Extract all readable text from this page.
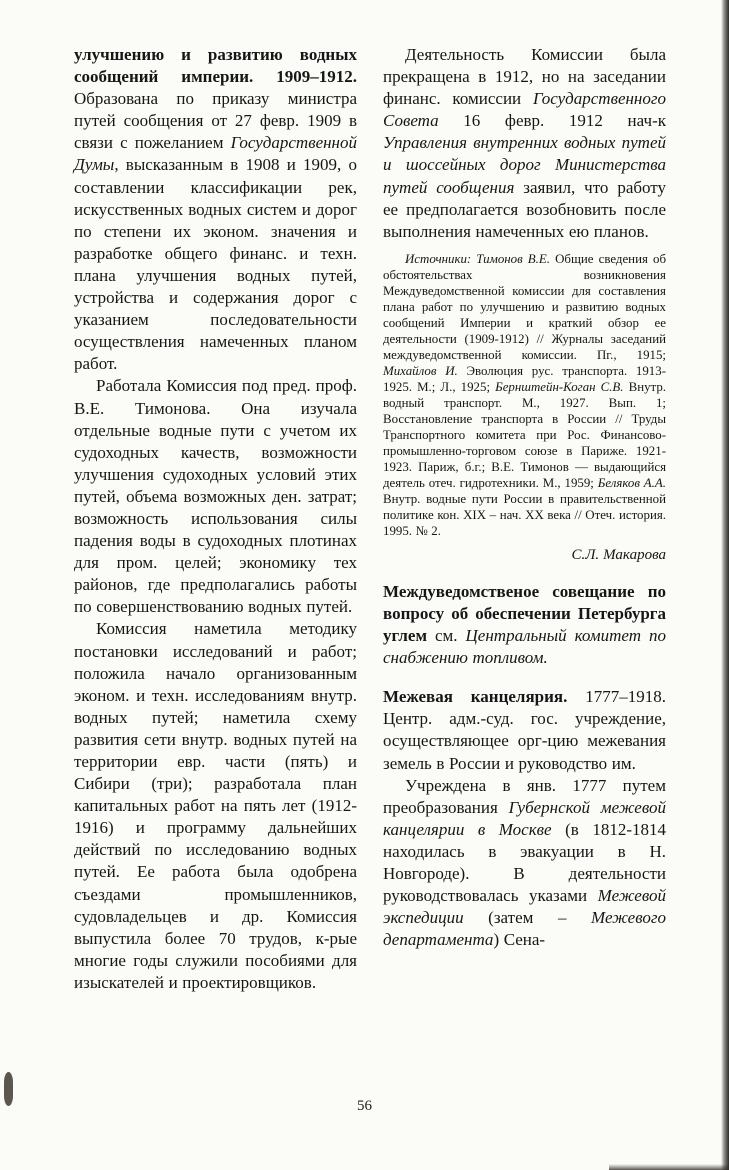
улучшению и развитию водных сообщений империи. 1909–1912. Образована по приказу министра путей сообщения от 27 февр. 1909 в связи с пожеланием Государственной Думы, высказанным в 1908 и 1909, о составлении классификации рек, искусственных водных систем и дорог по степени их эконом. значения и разработке общего финанс. и техн. плана улучшения водных путей, устройства и содержания дорог с указанием последовательности осуществления намеченных планом работ.

Работала Комиссия под пред. проф. В.Е. Тимонова. Она изучала отдельные водные пути с учетом их судоходных качеств, возможности улучшения судоходных условий этих путей, объема возможных ден. затрат; возможность использования силы падения воды в судоходных плотинах для пром. целей; экономику тех районов, где предполагались работы по совершенствованию водных путей.

Комиссия наметила методику постановки исследований и работ; положила начало организованным эконом. и техн. исследованиям внутр. водных путей; наметила схему развития сети внутр. водных путей на территории евр. части (пять) и Сибири (три); разработала план капитальных работ на пять лет (1912-1916) и программу дальнейших действий по исследованию водных путей. Ее работа была одобрена съездами промышленников, судовладельцев и др. Комиссия выпустила более 70 трудов, к-рые многие годы служили пособиями для изыскателей и проектировщиков.

Деятельность Комиссии была прекращена в 1912, но на заседании финанс. комиссии Государственного Совета 16 февр. 1912 нач-к Управления внутренних водных путей и шоссейных дорог Министерства путей сообщения заявил, что работу ее предполагается возобновить после выполнения намеченных ею планов.

Источники: Тимонов В.Е. Общие сведения об обстоятельствах возникновения Междуведомственной комиссии для составления плана работ по улучшению и развитию водных сообщений Империи и краткий обзор ее деятельности (1909-1912) // Журналы заседаний междуведомственной комиссии. Пг., 1915; Михайлов И. Эволюция рус. транспорта. 1913-1925. М.; Л., 1925; Бернштейн-Коган С.В. Внутр. водный транспорт. М., 1927. Вып. 1; Восстановление транспорта в России // Труды Транспортного комитета при Рос. Финансово-промышленно-торговом союзе в Париже. 1921-1923. Париж, б.г.; В.Е. Тимонов — выдающийся деятель отеч. гидротехники. М., 1959; Беляков А.А. Внутр. водные пути России в правительственной политике кон. XIX – нач. XX века // Отеч. история. 1995. № 2.

С.Л. Макарова

Междуведомственое совещание по вопросу об обеспечении Петербурга углем см. Центральный комитет по снабжению топливом.

Межевая канцелярия. 1777–1918. Центр. адм.-суд. гос. учреждение, осуществляющее орг-цию межевания земель в России и руководство им.

Учреждена в янв. 1777 путем преобразования Губернской межевой канцелярии в Москве (в 1812-1814 находилась в эвакуации в Н. Новгороде). В деятельности руководствовалась указами Межевой экспедиции (затем – Межевого департамента) Сена-

56
